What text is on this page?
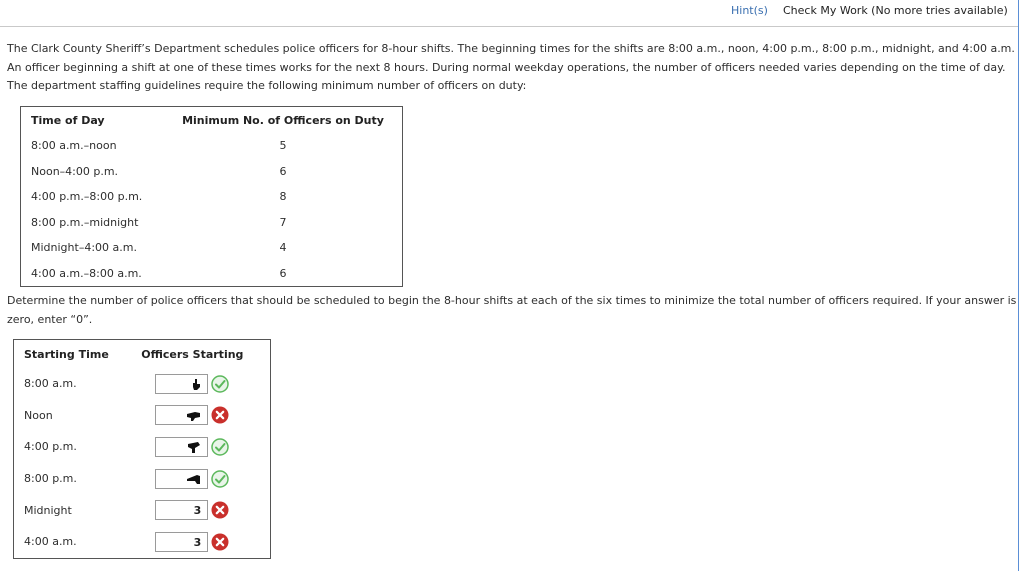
Hint(s) Check My Work (No more tries available)
The Clark County Sheriff’s Department schedules police officers for 8-hour shifts. The beginning times for the shifts are 8:00 a.m., noon, 4:00 p.m., 8:00 p.m., midnight, and 4:00 a.m. An officer beginning a shift at one of these times works for the next 8 hours. During normal weekday operations, the number of officers needed varies depending on the time of day. The department staffing guidelines require the following minimum number of officers on duty:
Time of Day	Minimum No. of Officers on Duty
8:00 a.m.–noon	5
Noon–4:00 p.m.	6
4:00 p.m.–8:00 p.m.	8
8:00 p.m.–midnight	7
Midnight–4:00 a.m.	4
4:00 a.m.–8:00 a.m.	6
Determine the number of police officers that should be scheduled to begin the 8-hour shifts at each of the six times to minimize the total number of officers required. If your answer is zero, enter “0”.
Starting Time	Officers Starting
8:00 a.m.	

Noon	

4:00 p.m.	

8:00 p.m.	

Midnight	3

4:00 a.m.	3
